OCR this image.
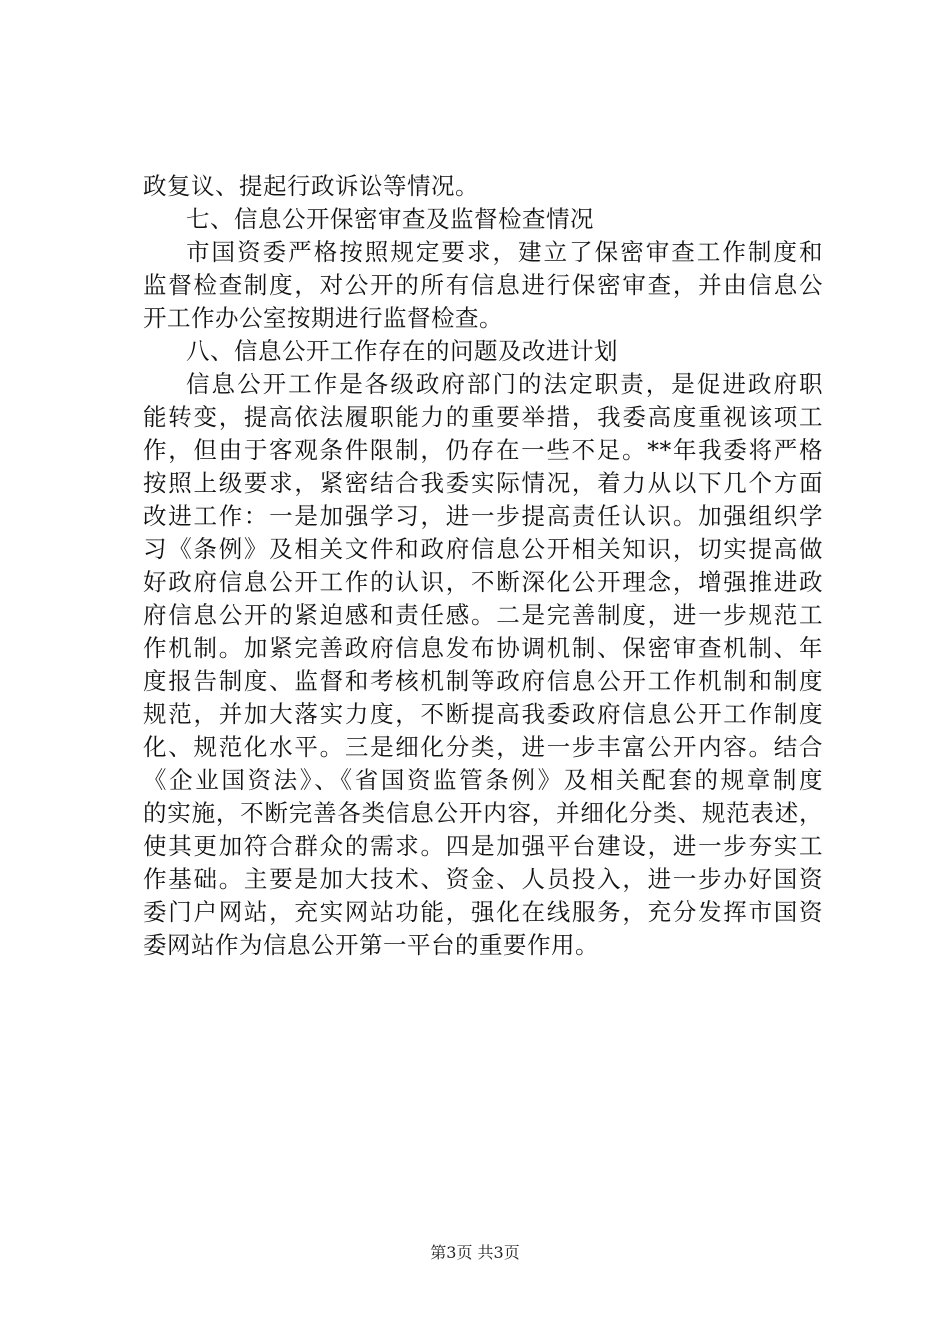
政复议、提起行政诉讼等情况。
七、信息公开保密审查及监督检查情况
市国资委严格按照规定要求，建立了保密审查工作制度和
监督检查制度，对公开的所有信息进行保密审查，并由信息公
开工作办公室按期进行监督检查。
八、信息公开工作存在的问题及改进计划
信息公开工作是各级政府部门的法定职责，是促进政府职
能转变，提高依法履职能力的重要举措，我委高度重视该项工
作，但由于客观条件限制，仍存在一些不足。**年我委将严格
按照上级要求，紧密结合我委实际情况，着力从以下几个方面
改进工作：一是加强学习，进一步提高责任认识。加强组织学
习《条例》及相关文件和政府信息公开相关知识，切实提高做
好政府信息公开工作的认识，不断深化公开理念，增强推进政
府信息公开的紧迫感和责任感。二是完善制度，进一步规范工
作机制。加紧完善政府信息发布协调机制、保密审查机制、年
度报告制度、监督和考核机制等政府信息公开工作机制和制度
规范，并加大落实力度，不断提高我委政府信息公开工作制度
化、规范化水平。三是细化分类，进一步丰富公开内容。结合
《企业国资法》、《省国资监管条例》及相关配套的规章制度
的实施，不断完善各类信息公开内容，并细化分类、规范表述，
使其更加符合群众的需求。四是加强平台建设，进一步夯实工
作基础。主要是加大技术、资金、人员投入，进一步办好国资
委门户网站，充实网站功能，强化在线服务，充分发挥市国资
委网站作为信息公开第一平台的重要作用。
第3页 共3页
